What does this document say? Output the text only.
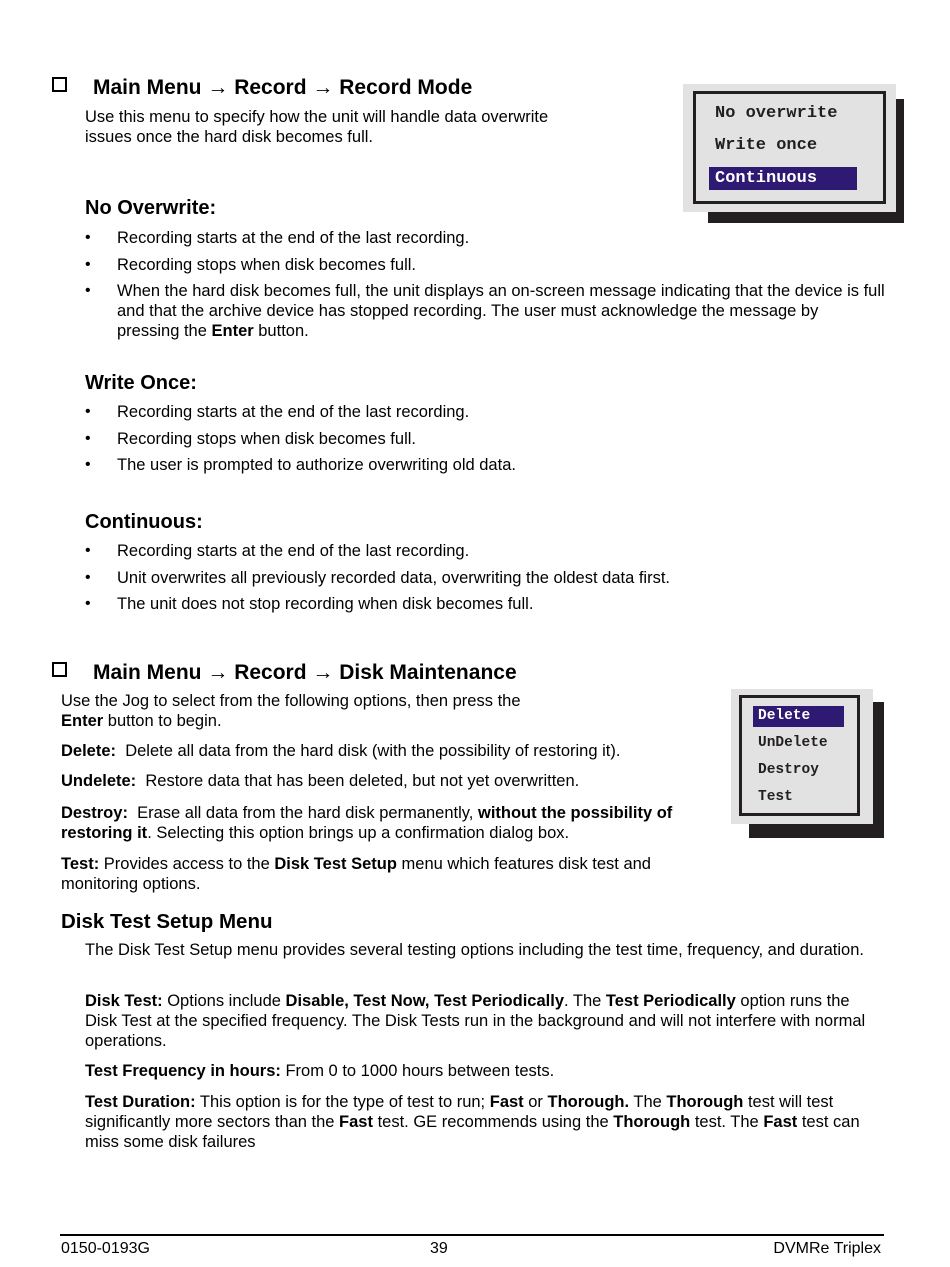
Main Menu → Record → Record Mode
Use this menu to specify how the unit will handle data overwrite issues once the hard disk becomes full.
No overwrite
Write once
Continuous
No Overwrite:
• Recording starts at the end of the last recording.
• Recording stops when disk becomes full.
• When the hard disk becomes full, the unit displays an on-screen message indicating that the device is full and that the archive device has stopped recording. The user must acknowledge the message by pressing the Enter button.
Write Once:
• Recording starts at the end of the last recording.
• Recording stops when disk becomes full.
• The user is prompted to authorize overwriting old data.
Continuous:
• Recording starts at the end of the last recording.
• Unit overwrites all previously recorded data, overwriting the oldest data first.
• The unit does not stop recording when disk becomes full.
Main Menu → Record → Disk Maintenance
Use the Jog to select from the following options, then press the Enter button to begin.	Delete
UnDelete
Destroy
Test
Delete: Delete all data from the hard disk (with the possibility of restoring it).
Undelete: Restore data that has been deleted, but not yet overwritten.
Destroy: Erase all data from the hard disk permanently, without the possibility of restoring it. Selecting this option brings up a confirmation dialog box.
Test: Provides access to the Disk Test Setup menu which features disk test and monitoring options.
Disk Test Setup Menu
The Disk Test Setup menu provides several testing options including the test time, frequency, and duration.
Disk Test: Options include Disable, Test Now, Test Periodically. The Test Periodically option runs the Disk Test at the specified frequency. The Disk Tests run in the background and will not interfere with normal operations.
Test Frequency in hours: From 0 to 1000 hours between tests.
Test Duration: This option is for the type of test to run; Fast or Thorough. The Thorough test will test significantly more sectors than the Fast test. GE recommends using the Thorough test. The Fast test can miss some disk failures
0150-0193G	39	DVMRe Triplex
